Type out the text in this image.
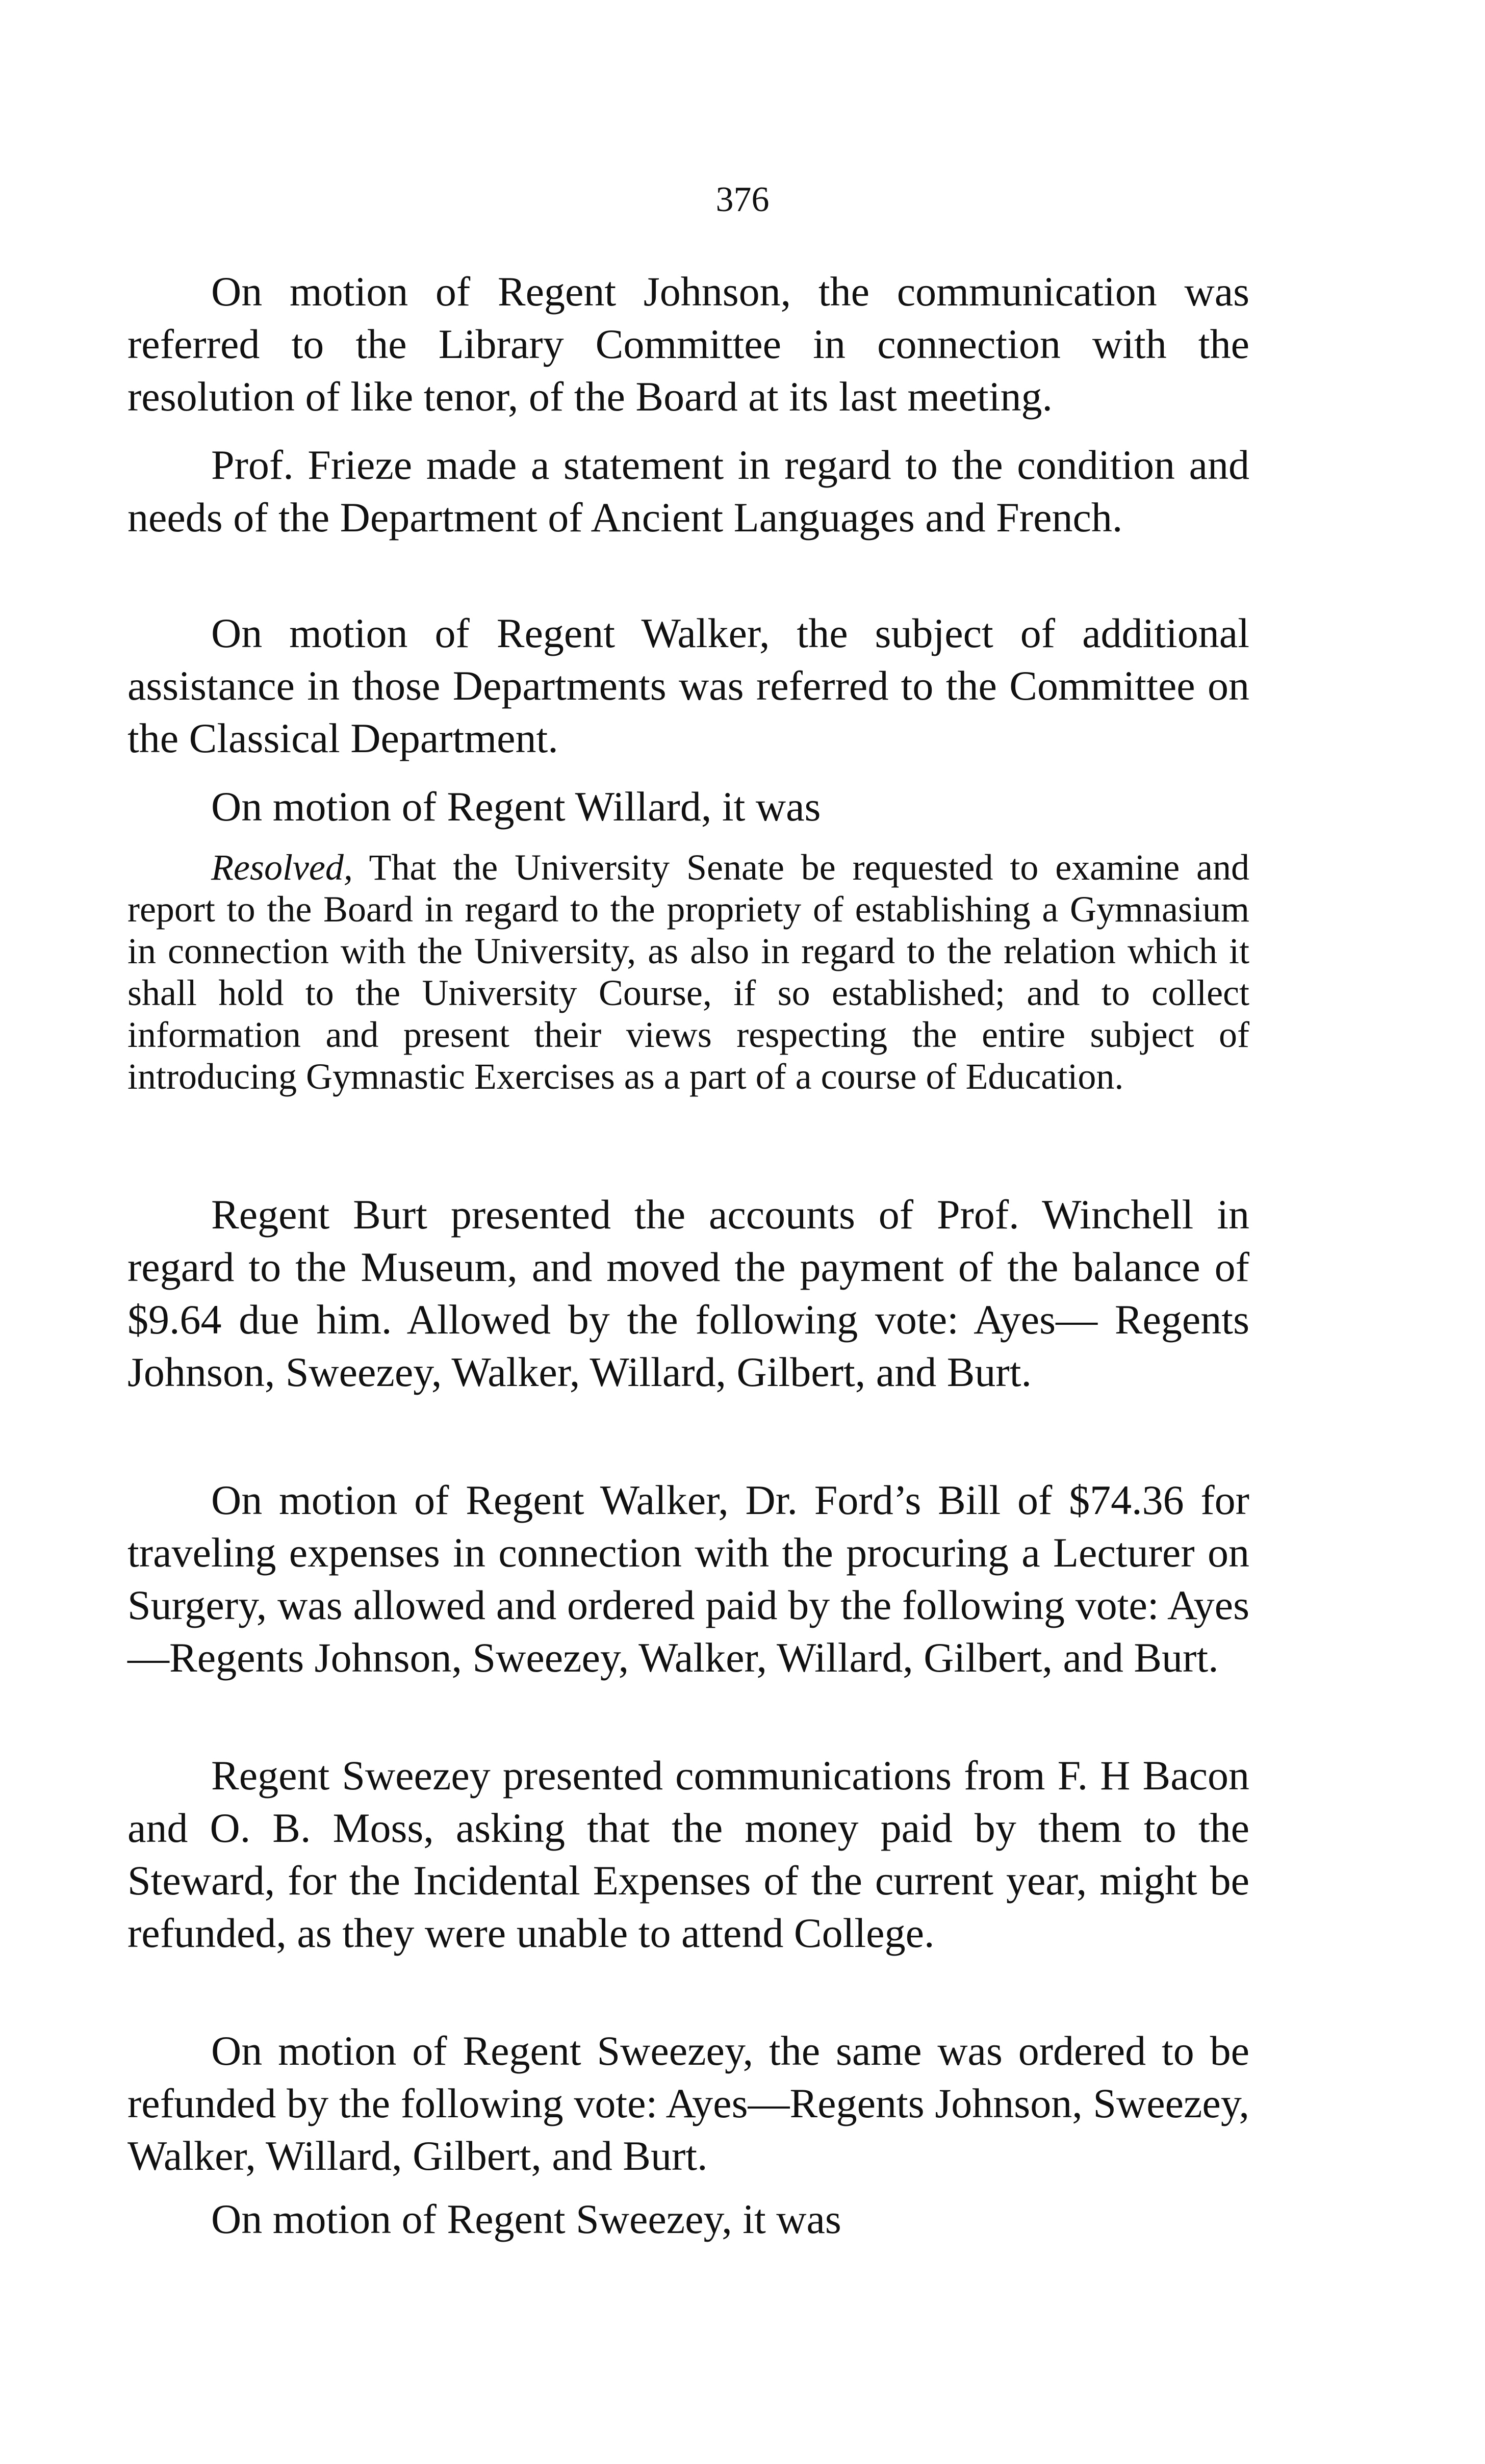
376

On motion of Regent Johnson, the communication was referred to the Library Committee in connection with the resolution of like tenor, of the Board at its last meeting.

Prof. Frieze made a statement in regard to the condition and needs of the Department of Ancient Languages and French.

On motion of Regent Walker, the subject of additional assistance in those Departments was referred to the Committee on the Classical Department.

On motion of Regent Willard, it was

Resolved, That the University Senate be requested to examine and report to the Board in regard to the propriety of establishing a Gymnasium in connection with the University, as also in regard to the relation which it shall hold to the University Course, if so established; and to collect information and present their views respecting the entire subject of introducing Gymnastic Exercises as a part of a course of Education.

Regent Burt presented the accounts of Prof. Winchell in regard to the Museum, and moved the payment of the balance of $9.64 due him. Allowed by the following vote: Ayes— Regents Johnson, Sweezey, Walker, Willard, Gilbert, and Burt.

On motion of Regent Walker, Dr. Ford’s Bill of $74.36 for traveling expenses in connection with the procuring a Lecturer on Surgery, was allowed and ordered paid by the following vote: Ayes—Regents Johnson, Sweezey, Walker, Willard, Gilbert, and Burt.

Regent Sweezey presented communications from F. H Bacon and O. B. Moss, asking that the money paid by them to the Steward, for the Incidental Expenses of the current year, might be refunded, as they were unable to attend College.

On motion of Regent Sweezey, the same was ordered to be refunded by the following vote: Ayes—Regents Johnson, Sweezey, Walker, Willard, Gilbert, and Burt.

On motion of Regent Sweezey, it was
